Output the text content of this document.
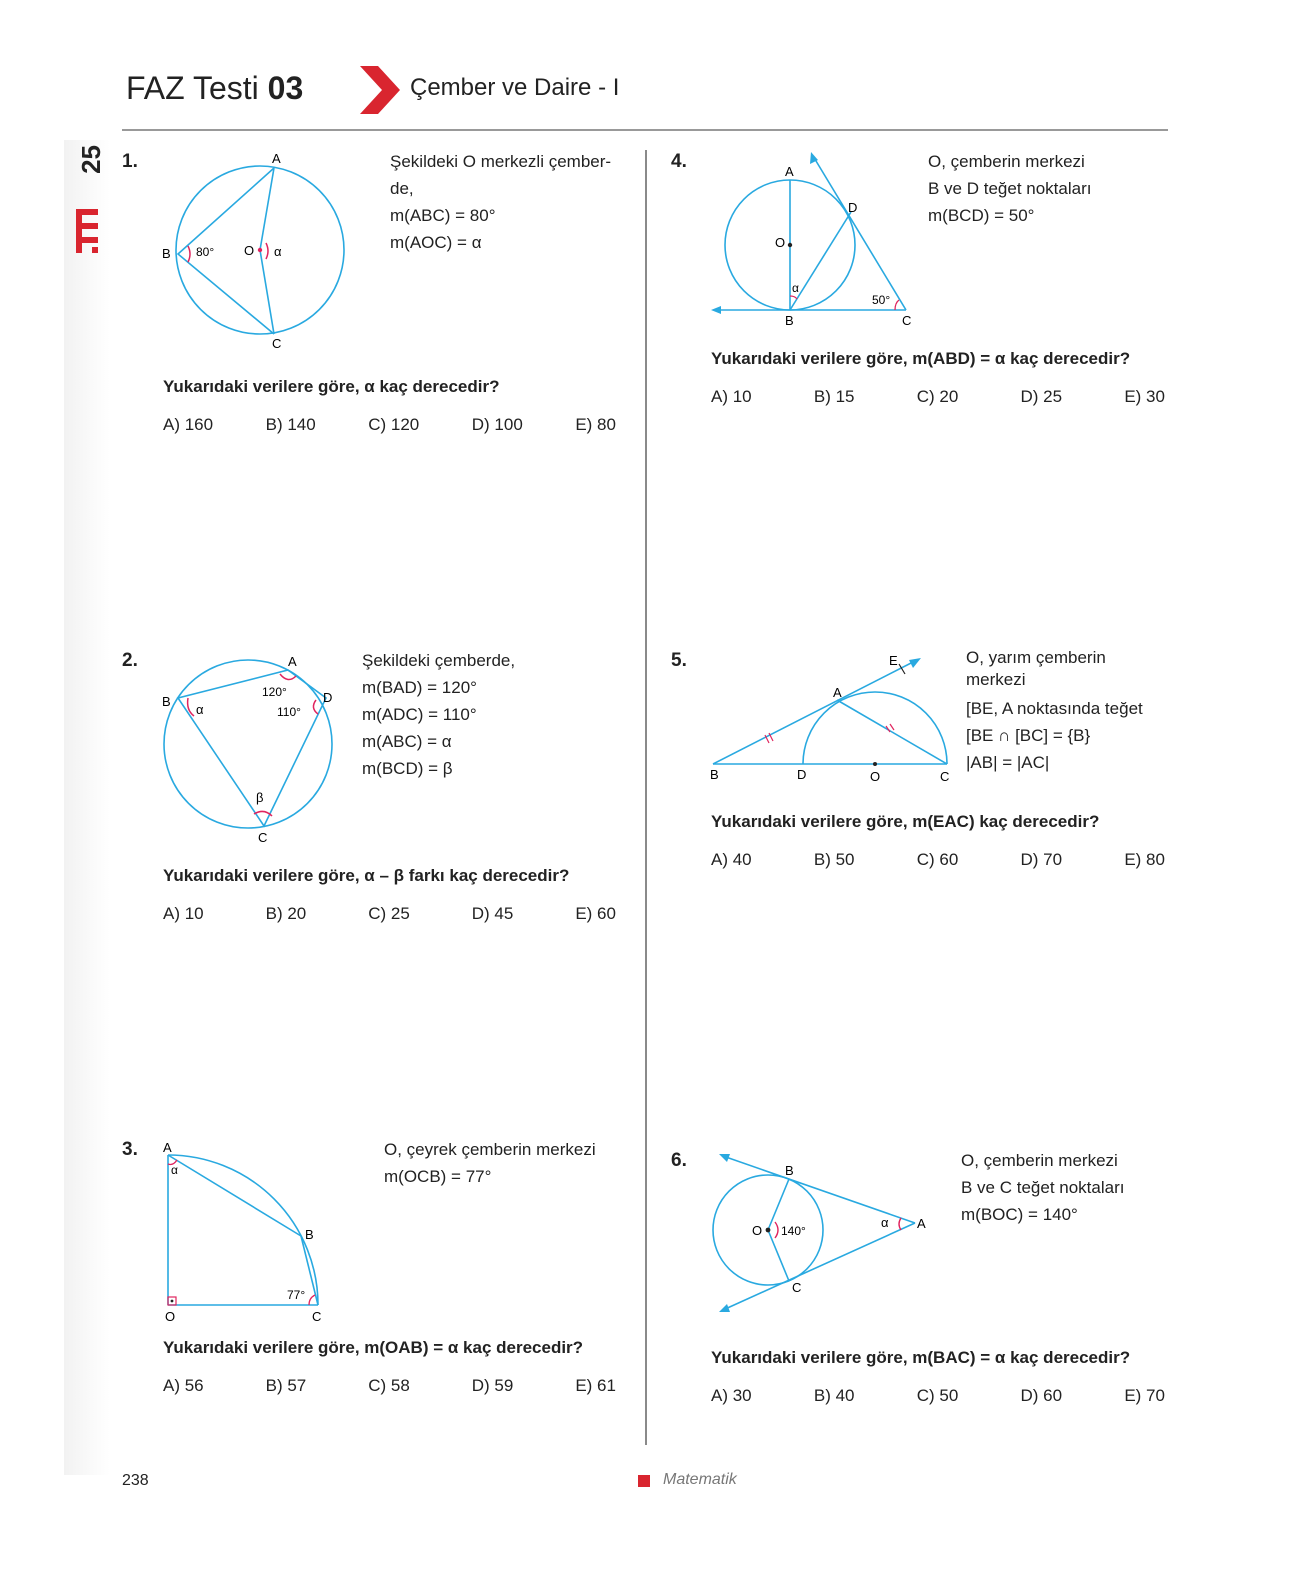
25
FAZ Testi 03	Çember ve Daire - I
1.	A
B
C
O
80°	α
Şekildeki O merkezli çember-
de,
m(ABC) = 80°
m(AOC) = α
Yukarıdaki verilere göre, α kaç derecedir?
A) 160	B) 140	C) 120	D) 100	E) 80
2.	A
B
C
D
120°
110°
α
β
Şekildeki çemberde,
m(BAD) = 120°
m(ADC) = 110°
m(ABC) = α
m(BCD) = β
Yukarıdaki verilere göre, α – β farkı kaç derecedir?
A) 10	B) 20	C) 25	D) 45	E) 60
3. A
B
C
O
77°
α
O, çeyrek çemberin merkezi
m(OCB) = 77°
Yukarıdaki verilere göre, m(OAB) = α kaç derecedir?
A) 56	B) 57	C) 58	D) 59	E) 61
4.	A
B	C
D
O
50°
α
O, çemberin merkezi
B ve D teğet noktaları
m(BCD) = 50°
Yukarıdaki verilere göre, m(ABD) = α kaç derecedir?
A) 10	B) 15	C) 20	D) 25	E) 30
5.
A
B	C
D
E
O
O, yarım çemberin
merkezi
[BE, A noktasında teğet
[BE ∩ [BC] = {B}
|AB| = |AC|
Yukarıdaki verilere göre, m(EAC) kaç derecedir?
A) 40	B) 50	C) 60	D) 70	E) 80
6.	B
C
A
O 140°
α
O, çemberin merkezi
B ve C teğet noktaları
m(BOC) = 140°
Yukarıdaki verilere göre, m(BAC) = α kaç derecedir?
A) 30	B) 40	C) 50	D) 60	E) 70
238	Matematik
